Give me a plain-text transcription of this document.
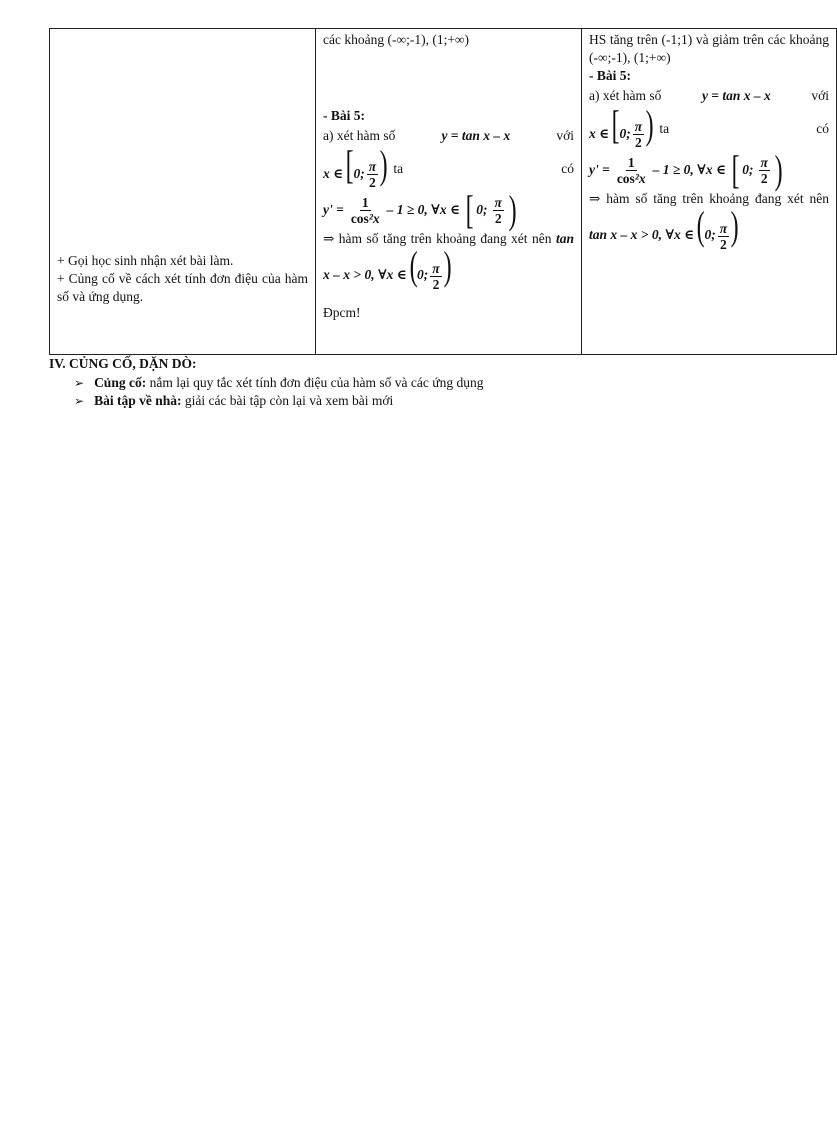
+ Gọi học sinh nhận xét bài làm.
+ Củng cố về cách xét tính đơn điệu của hàm số và ứng dụng.

các khoảng (-∞;-1), (1;+∞)
- Bài 5:
a) xét hàm số	y = tan x – x	với
x ∈[0; $\frac{\pi}{2}$ ) ta	có
$y' = \frac{1}{\text{cos²x}} - 1 \ge 0$, ∀x ∈ [ 0; $\frac{\pi}{2}$ )
⇒ hàm số tăng trên khoảng đang xét nên tan x – x > 0, ∀x ∈(0; $\frac{\pi}{2}$ )
Đpcm!

HS tăng trên (-1;1) và giảm trên các khoảng (-∞;-1), (1;+∞)
- Bài 5:
a) xét hàm số	y = tan x – x	với
x ∈[0; $\frac{\pi}{2}$ ) ta	có
$y' = \frac{1}{\text{cos²x}} - 1 \ge 0$, ∀x ∈ [ 0; $\frac{\pi}{2}$ )
⇒ hàm số tăng trên khoảng đang xét nên tan x – x > 0, ∀x ∈(0; $\frac{\pi}{2}$ )
IV. CỦNG CỐ, DẶN DÒ:
➢ Củng cố: nắm lại quy tắc xét tính đơn điệu của hàm số và các ứng dụng
➢ Bài tập về nhà: giải các bài tập còn lại và xem bài mới
